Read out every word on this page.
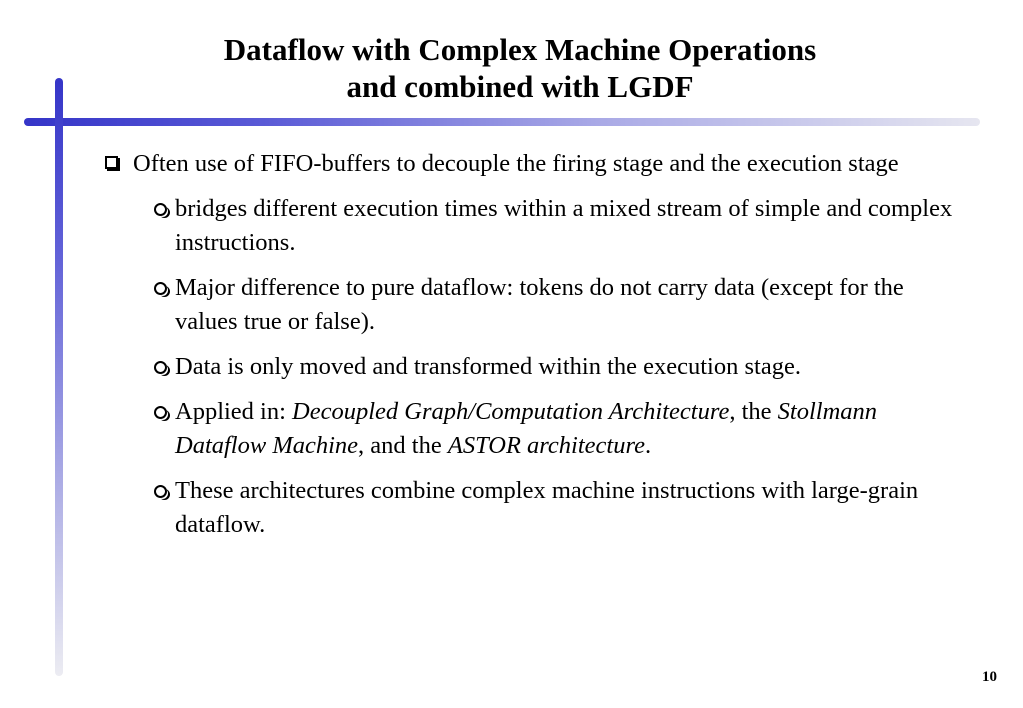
Dataflow with Complex Machine Operations
and combined with LGDF
Often use of FIFO-buffers to decouple the firing stage and the execution stage
bridges different execution times within a mixed stream of simple and complex instructions.
Major difference to pure dataflow: tokens do not carry data (except for the values true or false).
Data is only moved and transformed within the execution stage.
Applied in: Decoupled Graph/Computation Architecture, the Stollmann Dataflow Machine, and the ASTOR architecture.
These architectures combine complex machine instructions with large-grain dataflow.
10
